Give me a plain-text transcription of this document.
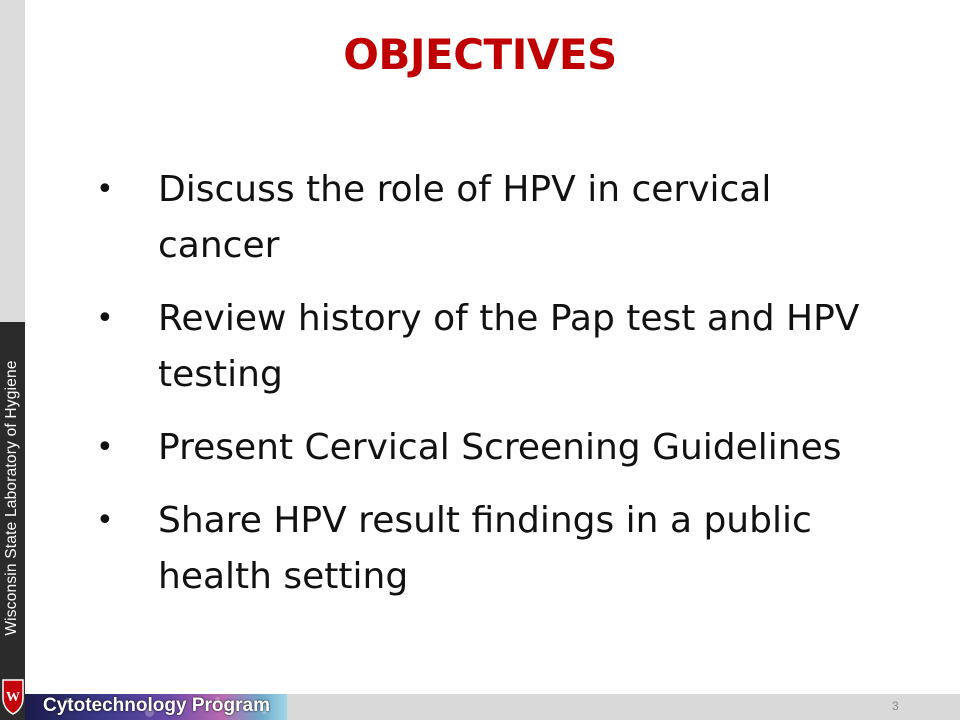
Wisconsin State Laboratory of Hygiene
W Cytotechnology Program	3
OBJECTIVES
• Discuss the role of HPV in cervical cancer
• Review history of the Pap test and HPV testing
• Present Cervical Screening Guidelines
• Share HPV result findings in a public health setting
